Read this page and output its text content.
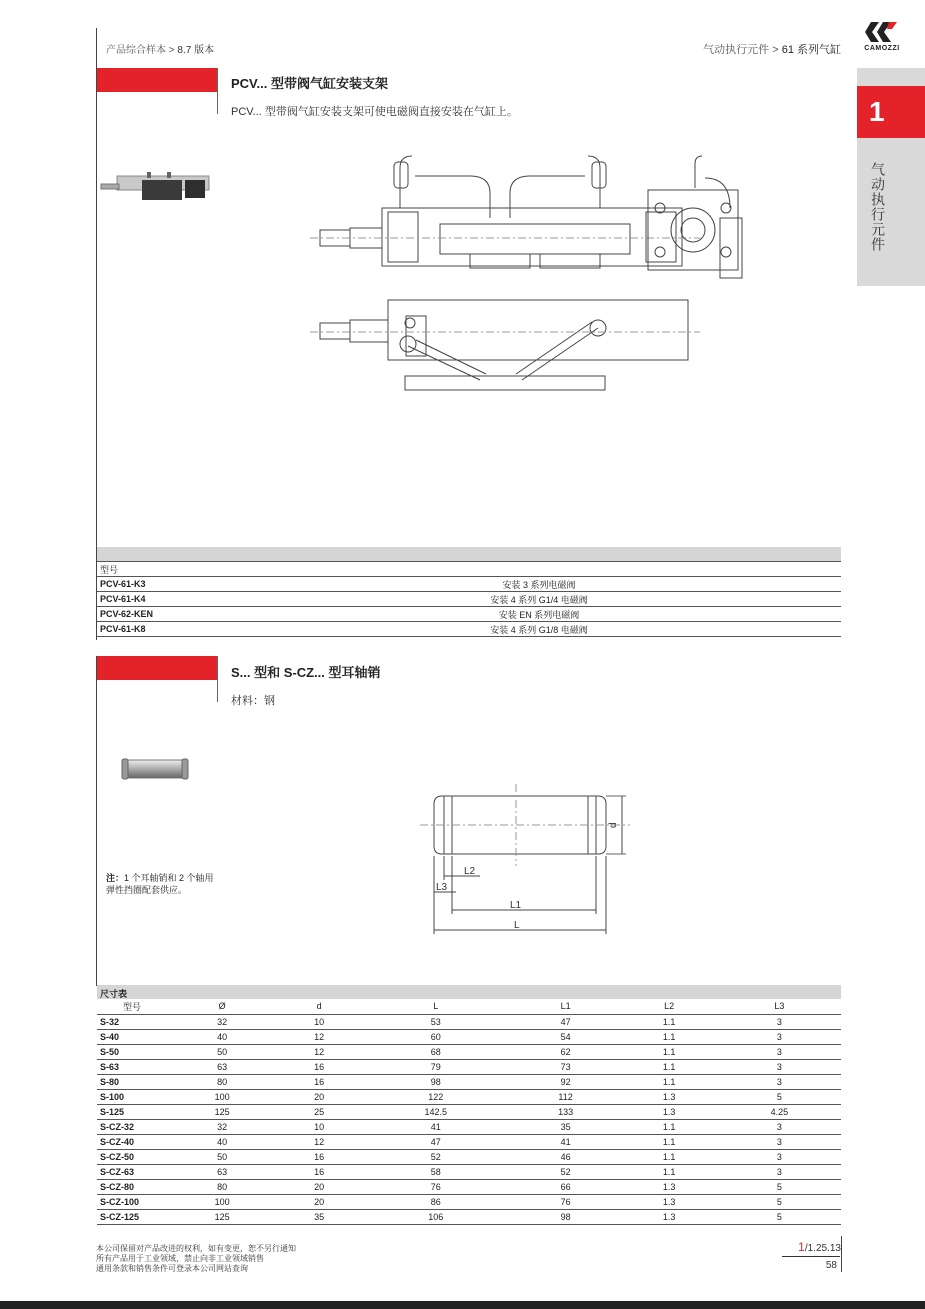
产品综合样本 > 8.7 版本	气动执行元件 > 61 系列气缸	CAMOZZI
1
气动执行元件
PCV... 型带阀气缸安装支架
PCV... 型带阀气缸安装支架可使电磁阀直接安装在气缸上。
型号	
PCV-61-K3	安装 3 系列电磁阀
PCV-61-K4	安装 4 系列 G1/4 电磁阀
PCV-62-KEN	安装 EN 系列电磁阀
PCV-61-K8	安装 4 系列 G1/8 电磁阀
S... 型和 S-CZ... 型耳轴销
材料：钢
注：1 个耳轴销和 2 个轴用弹性挡圈配套供应。
d
L2
L3
L1
L
尺寸表
型号	Ø	d	L	L1	L2	L3
S-32	32	10	53	47	1.1	3
S-40	40	12	60	54	1.1	3
S-50	50	12	68	62	1.1	3
S-63	63	16	79	73	1.1	3
S-80	80	16	98	92	1.1	3
S-100	100	20	122	112	1.3	5
S-125	125	25	142.5	133	1.3	4.25
S-CZ-32	32	10	41	35	1.1	3
S-CZ-40	40	12	47	41	1.1	3
S-CZ-50	50	16	52	46	1.1	3
S-CZ-63	63	16	58	52	1.1	3
S-CZ-80	80	20	76	66	1.3	5
S-CZ-100	100	20	86	76	1.3	5
S-CZ-125	125	35	106	98	1.3	5
本公司保留对产品改进的权利，如有变更，恕不另行通知
所有产品用于工业领域，禁止向非工业领域销售
通用条款和销售条件可登录本公司网站查询
1/1.25.13
58
